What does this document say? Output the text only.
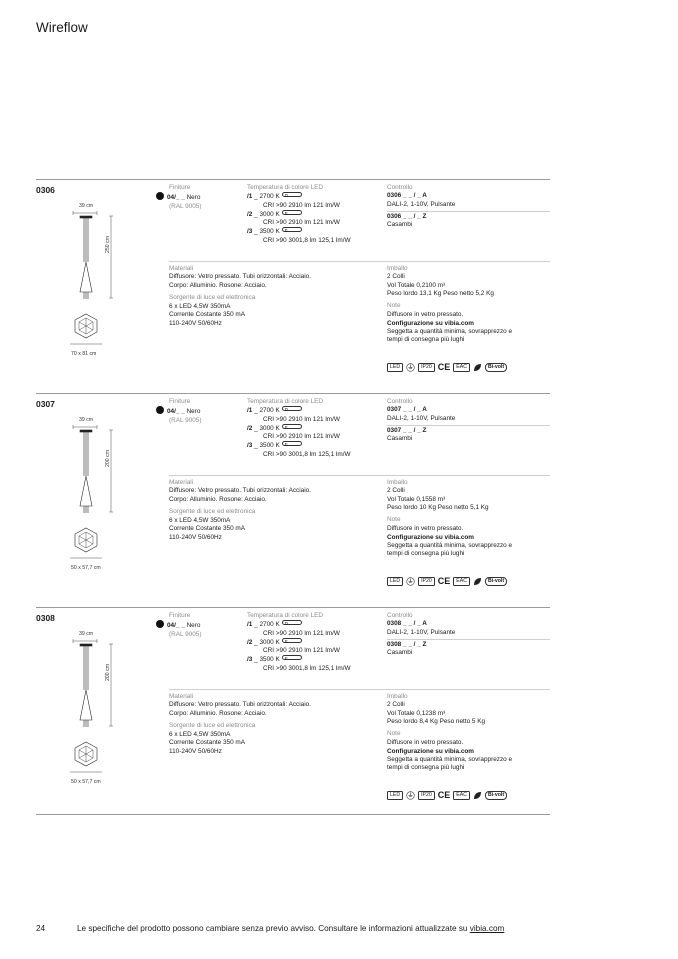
Wireflow
0306
39 cm
250 cm
70 x 81 cm
Finiture
04/_ _ Nero
(RAL 9005)
Temperatura di colore LED
/1 _ 2700 K D
CRI >90 2910 lm 121 lm/W
/2 _ 3000 K E
CRI >90 2910 lm 121 lm/W
/3 _ 3500 K E
CRI >90 3001,8 lm 125,1 lm/W
Controllo
0306 _ _ / _ A
DALI-2, 1-10V, Pulsante
0306 _ _ / _ Z
Casambi
Materiali
Diffusore: Vetro pressato. Tubi orizzontali: Acciaio.
Corpo: Alluminio. Rosone: Acciaio.
Sorgente di luce ed elettronica
6 x LED 4,5W 350mA
Corrente Costante 350 mA
110-240V 50/60Hz
Imballo
2 Colli
Vol Totale 0,2100 m³
Peso lordo 13,1 Kg Peso netto 5,2 Kg
Note
Diffusore in vetro pressato.
Configurazione su vibia.com
Seggetta a quantità minima, sovrapprezzo e
tempi di consegna più lughi
LED	IP20 CE	EAC	Bi-volt
0307
39 cm
200 cm
50 x 57,7 cm
Finiture
04/_ _ Nero
(RAL 9005)
Temperatura di colore LED
/1 _ 2700 K D
CRI >90 2910 lm 121 lm/W
/2 _ 3000 K E
CRI >90 2910 lm 121 lm/W
/3 _ 3500 K E
CRI >90 3001,8 lm 125,1 lm/W
Controllo
0307 _ _ / _ A
DALI-2, 1-10V, Pulsante
0307 _ _ / _ Z
Casambi
Materiali
Diffusore: Vetro pressato. Tubi orizzontali: Acciaio.
Corpo: Alluminio. Rosone: Acciaio.
Sorgente di luce ed elettronica
6 x LED 4,5W 350mA
Corrente Costante 350 mA
110-240V 50/60Hz
Imballo
2 Colli
Vol Totale 0,1558 m³
Peso lordo 10 Kg Peso netto 5,1 Kg
Note
Diffusore in vetro pressato.
Configurazione su vibia.com
Seggetta a quantità minima, sovrapprezzo e
tempi di consegna più lughi
LED	IP20 CE	EAC	Bi-volt
0308
39 cm
200 cm
50 x 57,7 cm
Finiture
04/_ _ Nero
(RAL 9005)
Temperatura di colore LED
/1 _ 2700 K D
CRI >90 2910 lm 121 lm/W
/2 _ 3000 K E
CRI >90 2910 lm 121 lm/W
/3 _ 3500 K E
CRI >90 3001,8 lm 125,1 lm/W
Controllo
0308 _ _ / _ A
DALI-2, 1-10V, Pulsante
0308 _ _ / _ Z
Casambi
Materiali
Diffusore: Vetro pressato. Tubi orizzontali: Acciaio.
Corpo: Alluminio. Rosone: Acciaio.
Sorgente di luce ed elettronica
6 x LED 4,5W 350mA
Corrente Costante 350 mA
110-240V 50/60Hz
Imballo
2 Colli
Vol Totale 0,1238 m³
Peso lordo 8,4 Kg Peso netto 5 Kg
Note
Diffusore in vetro pressato.
Configurazione su vibia.com
Seggetta a quantità minima, sovrapprezzo e
tempi di consegna più lughi
LED	IP20 CE	EAC	Bi-volt
24	Le specifiche del prodotto possono cambiare senza previo avviso. Consultare le informazioni attualizzate su vibia.com
